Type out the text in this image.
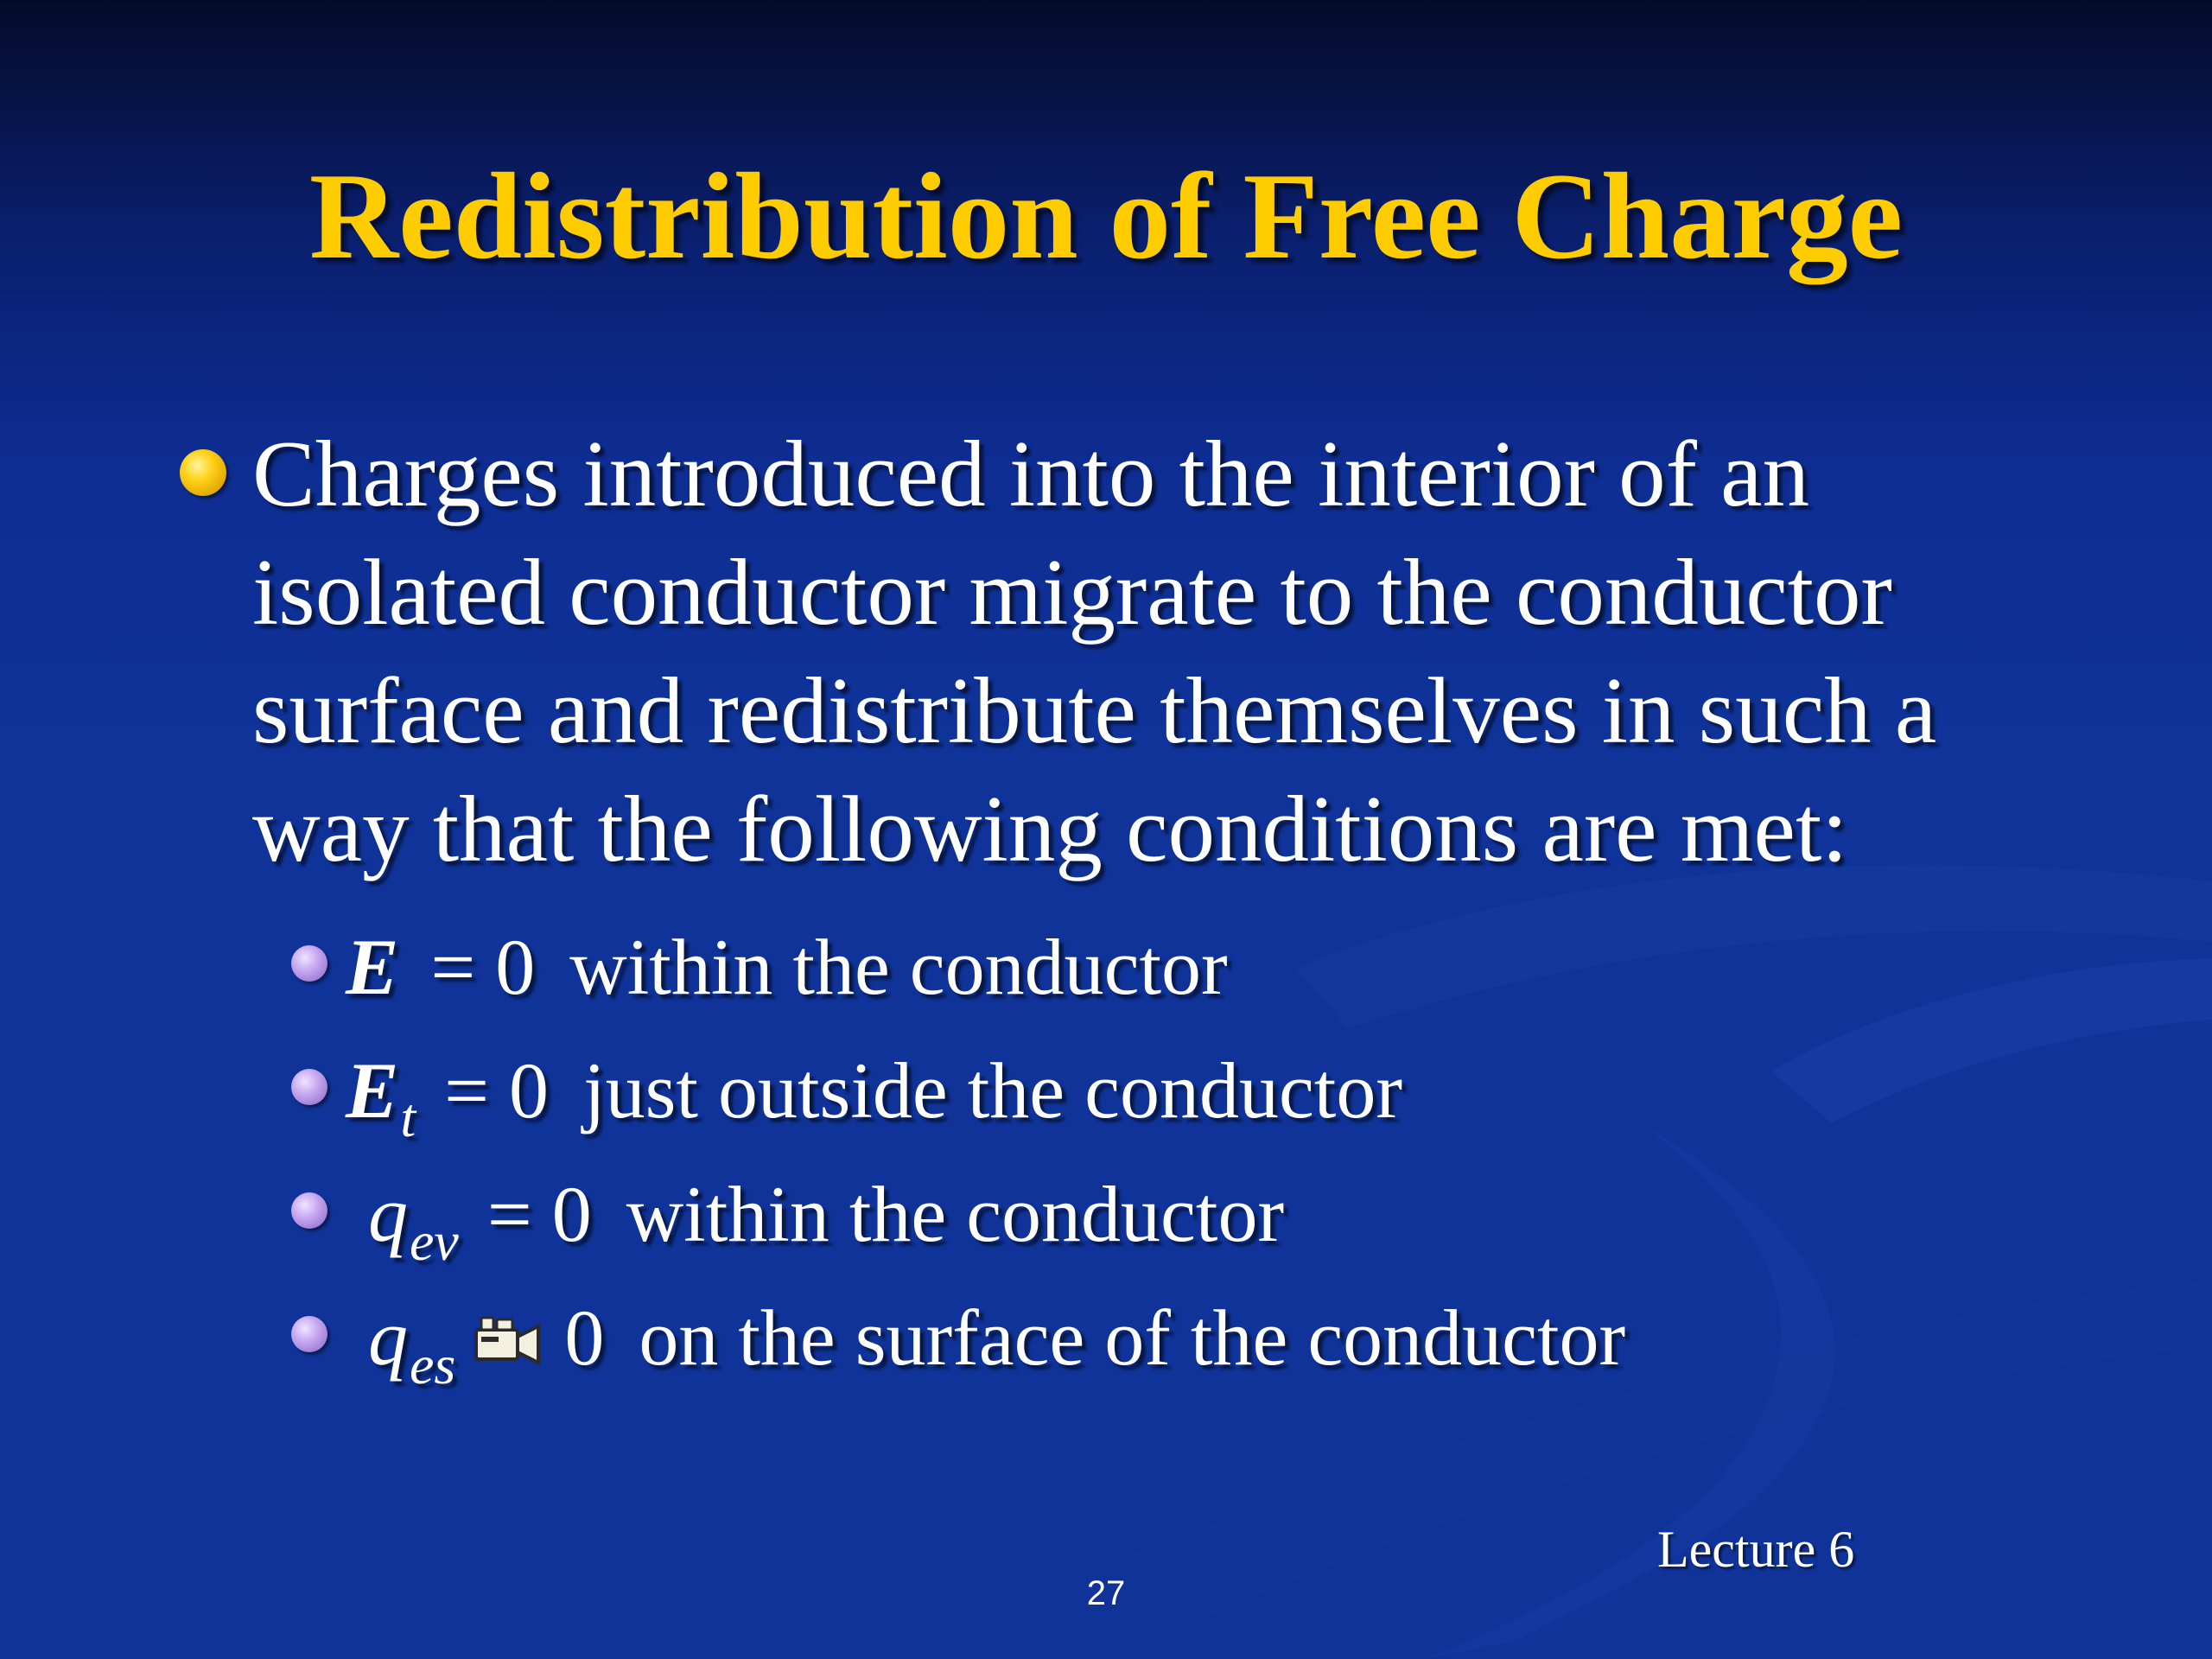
Redistribution of Free Charge
Charges introduced into the interior of an isolated conductor migrate to the conductor surface and redistribute themselves in such a way that the following conditions are met:
E = 0 within the conductor
$E_t = 0$ just outside the conductor
$q_{ev} = 0$ within the conductor
$q_{es}$ 0 on the surface of the conductor
Lecture 6
27
